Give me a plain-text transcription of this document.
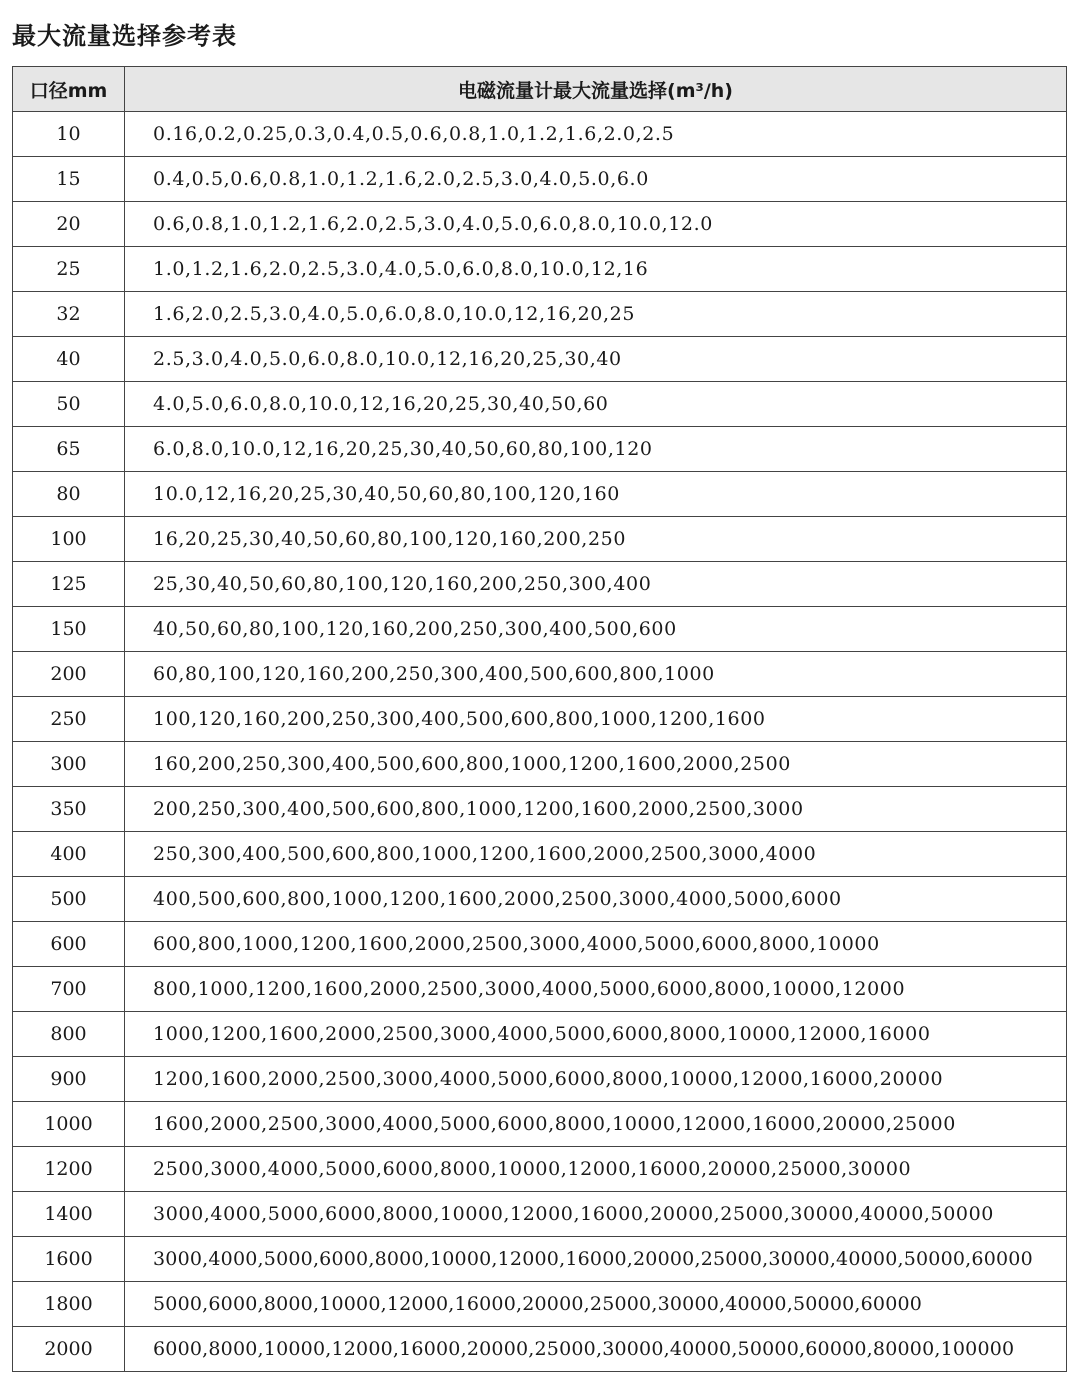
最大流量选择参考表
口径mm	电磁流量计最大流量选择(m³/h)
10	0.16,0.2,0.25,0.3,0.4,0.5,0.6,0.8,1.0,1.2,1.6,2.0,2.5
15	0.4,0.5,0.6,0.8,1.0,1.2,1.6,2.0,2.5,3.0,4.0,5.0,6.0
20	0.6,0.8,1.0,1.2,1.6,2.0,2.5,3.0,4.0,5.0,6.0,8.0,10.0,12.0
25	1.0,1.2,1.6,2.0,2.5,3.0,4.0,5.0,6.0,8.0,10.0,12,16
32	1.6,2.0,2.5,3.0,4.0,5.0,6.0,8.0,10.0,12,16,20,25
40	2.5,3.0,4.0,5.0,6.0,8.0,10.0,12,16,20,25,30,40
50	4.0,5.0,6.0,8.0,10.0,12,16,20,25,30,40,50,60
65	6.0,8.0,10.0,12,16,20,25,30,40,50,60,80,100,120
80	10.0,12,16,20,25,30,40,50,60,80,100,120,160
100	16,20,25,30,40,50,60,80,100,120,160,200,250
125	25,30,40,50,60,80,100,120,160,200,250,300,400
150	40,50,60,80,100,120,160,200,250,300,400,500,600
200	60,80,100,120,160,200,250,300,400,500,600,800,1000
250	100,120,160,200,250,300,400,500,600,800,1000,1200,1600
300	160,200,250,300,400,500,600,800,1000,1200,1600,2000,2500
350	200,250,300,400,500,600,800,1000,1200,1600,2000,2500,3000
400	250,300,400,500,600,800,1000,1200,1600,2000,2500,3000,4000
500	400,500,600,800,1000,1200,1600,2000,2500,3000,4000,5000,6000
600	600,800,1000,1200,1600,2000,2500,3000,4000,5000,6000,8000,10000
700	800,1000,1200,1600,2000,2500,3000,4000,5000,6000,8000,10000,12000
800	1000,1200,1600,2000,2500,3000,4000,5000,6000,8000,10000,12000,16000
900	1200,1600,2000,2500,3000,4000,5000,6000,8000,10000,12000,16000,20000
1000	1600,2000,2500,3000,4000,5000,6000,8000,10000,12000,16000,20000,25000
1200	2500,3000,4000,5000,6000,8000,10000,12000,16000,20000,25000,30000
1400	3000,4000,5000,6000,8000,10000,12000,16000,20000,25000,30000,40000,50000
1600	3000,4000,5000,6000,8000,10000,12000,16000,20000,25000,30000,40000,50000,60000
1800	5000,6000,8000,10000,12000,16000,20000,25000,30000,40000,50000,60000
2000	6000,8000,10000,12000,16000,20000,25000,30000,40000,50000,60000,80000,100000
